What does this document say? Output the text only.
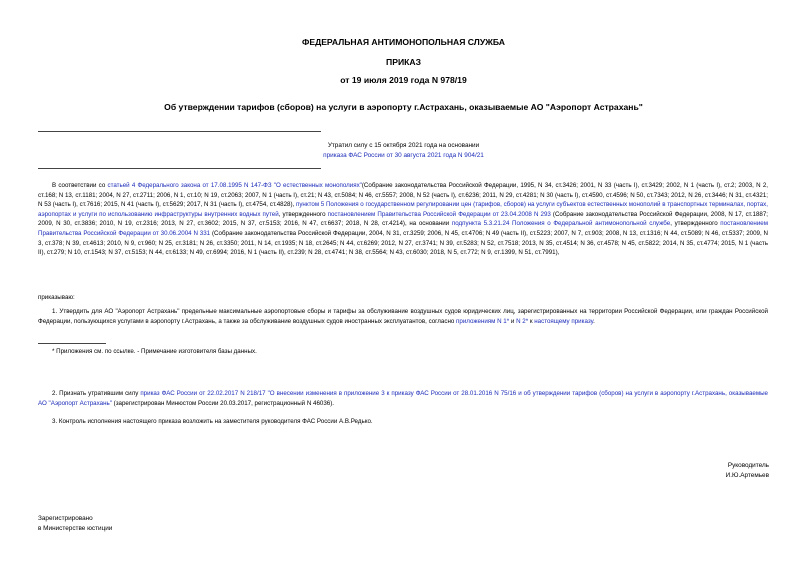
ФЕДЕРАЛЬНАЯ АНТИМОНОПОЛЬНАЯ СЛУЖБА
ПРИКАЗ
от 19 июля 2019 года N 978/19
Об утверждении тарифов (сборов) на услуги в аэропорту г.Астрахань, оказываемые АО "Аэропорт Астрахань"
Утратил силу с 15 октября 2021 года на основании
приказа ФАС России от 30 августа 2021 года N 904/21
В соответствии со статьей 4 Федерального закона от 17.08.1995 N 147-ФЗ "О естественных монополиях"(Собрание законодательства Российской Федерации, 1995, N 34, ст.3426; 2001, N 33 (часть I), ст.3429; 2002, N 1 (часть I), ст.2; 2003, N 2, ст.168; N 13, ст.1181; 2004, N 27, ст.2711; 2006, N 1, ст.10; N 19, ст.2063; 2007, N 1 (часть I), ст.21; N 43, ст.5084; N 46, ст.5557; 2008, N 52 (часть I), ст.6236; 2011, N 29, ст.4281; N 30 (часть I), ст.4590, ст.4596; N 50, ст.7343; 2012, N 26, ст.3446; N 31, ст.4321; N 53 (часть I), ст.7616; 2015, N 41 (часть I), ст.5629; 2017, N 31 (часть I), ст.4754, ст.4828), пунктом 5 Положения о государственном регулировании цен (тарифов, сборов) на услуги субъектов естественных монополий в транспортных терминалах, портах, аэропортах и услуги по использованию инфраструктуры внутренних водных путей, утвержденного постановлением Правительства Российской Федерации от 23.04.2008 N 293 (Собрание законодательства Российской Федерации, 2008, N 17, ст.1887; 2009, N 30, ст.3836; 2010, N 19, ст.2316; 2013, N 27, ст.3602; 2015, N 37, ст.5153; 2016, N 47, ст.6637; 2018, N 28, ст.4214), на основании подпункта 5.3.21.24 Положения о Федеральной антимонопольной службе, утвержденного постановлением Правительства Российской Федерации от 30.06.2004 N 331 (Собрание законодательства Российской Федерации, 2004, N 31, ст.3259; 2006, N 45, ст.4706; N 49 (часть II), ст.5223; 2007, N 7, ст.903; 2008, N 13, ст.1316; N 44, ст.5089; N 46, ст.5337; 2009, N 3, ст.378; N 39, ст.4613; 2010, N 9, ст.960; N 25, ст.3181; N 26, ст.3350; 2011, N 14, ст.1935; N 18, ст.2645; N 44, ст.6269; 2012, N 27, ст.3741; N 39, ст.5283; N 52, ст.7518; 2013, N 35, ст.4514; N 36, ст.4578; N 45, ст.5822; 2014, N 35, ст.4774; 2015, N 1 (часть II), ст.279; N 10, ст.1543; N 37, ст.5153; N 44, ст.6133; N 49, ст.6994; 2016, N 1 (часть II), ст.239; N 28, ст.4741; N 38, ст.5564; N 43, ст.6030; 2018, N 5, ст.772; N 9, ст.1399, N 51, ст.7991),
приказываю:
1. Утвердить для АО "Аэропорт Астрахань" предельные максимальные аэропортовые сборы и тарифы за обслуживание воздушных судов юридических лиц, зарегистрированных на территории Российской Федерации, или граждан Российской Федерации, пользующихся услугами в аэропорту г.Астрахань, а также за обслуживание воздушных судов иностранных эксплуатантов, согласно приложениям N 1* и N 2* к настоящему приказу.
* Приложения см. по ссылке. - Примечание изготовителя базы данных.
2. Признать утратившим силу приказ ФАС России от 22.02.2017 N 218/17 "О внесении изменения в приложение 3 к приказу ФАС России от 28.01.2016 N 75/16 и об утверждении тарифов (сборов) на услуги в аэропорту г.Астрахань, оказываемые АО "Аэропорт Астрахань" (зарегистрирован Минюстом России 20.03.2017, регистрационный N 46036).
3. Контроль исполнения настоящего приказа возложить на заместителя руководителя ФАС России А.В.Редько.
Руководитель
И.Ю.Артемьев
Зарегистрировано
в Министерстве юстиции
